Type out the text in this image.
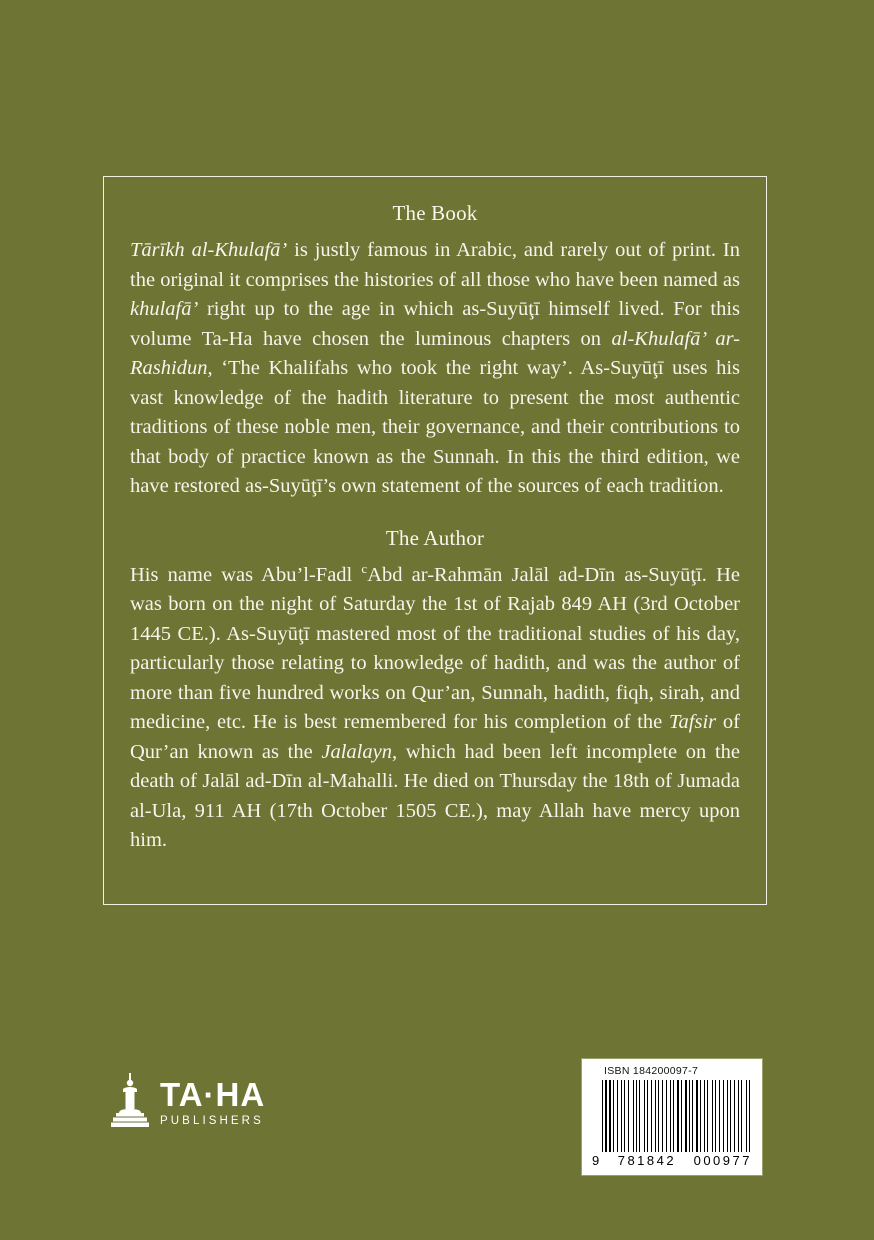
The Book

Tārīkh al-Khulafā’ is justly famous in Arabic, and rarely out of print. In the original it comprises the histories of all those who have been named as khulafā’ right up to the age in which as-Suyūţī himself lived. For this volume Ta-Ha have chosen the luminous chapters on al-Khulafā’ ar-Rashidun, ‘The Khalifahs who took the right way’. As-Suyūţī uses his vast knowledge of the hadith literature to present the most authentic traditions of these noble men, their governance, and their contributions to that body of practice known as the Sunnah. In this the third edition, we have restored as-Suyūţī’s own statement of the sources of each tradition.

The Author

His name was Abu’l-Fadl $^c$Abd ar-Rahmān Jalāl ad-Dīn as-Suyūţī. He was born on the night of Saturday the 1st of Rajab 849 AH (3rd October 1445 CE.). As-Suyūţī mastered most of the traditional studies of his day, particularly those relating to knowledge of hadith, and was the author of more than five hundred works on Qur’an, Sunnah, hadith, fiqh, sirah, and medicine, etc. He is best remembered for his completion of the Tafsir of Qur’an known as the Jalalayn, which had been left incomplete on the death of Jalāl ad-Dīn al-Mahalli. He died on Thursday the 18th of Jumada al-Ula, 911 AH (17th October 1505 CE.), may Allah have mercy upon him.

TA·HA
PUBLISHERS
ISBN 184200097-7
9 781842 000977
